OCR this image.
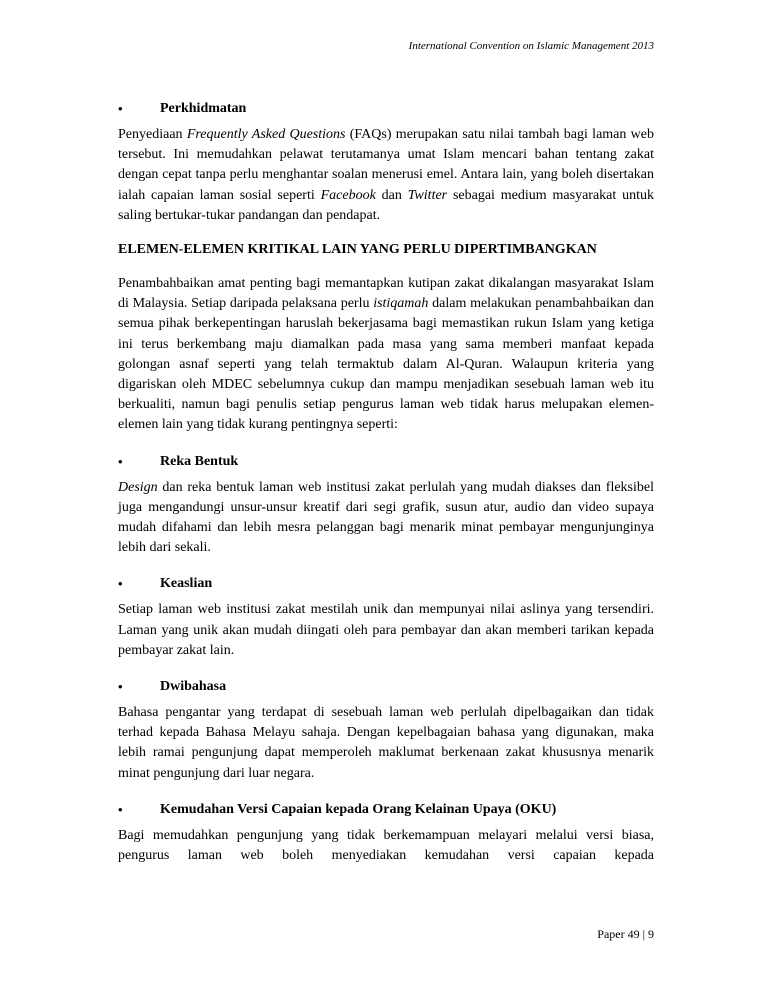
International Convention on Islamic Management 2013
•	Perkhidmatan

Penyediaan Frequently Asked Questions (FAQs) merupakan satu nilai tambah bagi laman web tersebut. Ini memudahkan pelawat terutamanya umat Islam mencari bahan tentang zakat dengan cepat tanpa perlu menghantar soalan menerusi emel. Antara lain, yang boleh disertakan ialah capaian laman sosial seperti Facebook dan Twitter sebagai medium masyarakat untuk saling bertukar-tukar pandangan dan pendapat.

ELEMEN-ELEMEN KRITIKAL LAIN YANG PERLU DIPERTIMBANGKAN

Penambahbaikan amat penting bagi memantapkan kutipan zakat dikalangan masyarakat Islam di Malaysia. Setiap daripada pelaksana perlu istiqamah dalam melakukan penambahbaikan dan semua pihak berkepentingan haruslah bekerjasama bagi memastikan rukun Islam yang ketiga ini terus berkembang maju diamalkan pada masa yang sama memberi manfaat kepada golongan asnaf seperti yang telah termaktub dalam Al-Quran. Walaupun kriteria yang digariskan oleh MDEC sebelumnya cukup dan mampu menjadikan sesebuah laman web itu berkualiti, namun bagi penulis setiap pengurus laman web tidak harus melupakan elemen-elemen lain yang tidak kurang pentingnya seperti:

•	Reka Bentuk

Design dan reka bentuk laman web institusi zakat perlulah yang mudah diakses dan fleksibel juga mengandungi unsur-unsur kreatif dari segi grafik, susun atur, audio dan video supaya mudah difahami dan lebih mesra pelanggan bagi menarik minat pembayar mengunjunginya lebih dari sekali.

•	Keaslian

Setiap laman web institusi zakat mestilah unik dan mempunyai nilai aslinya yang tersendiri. Laman yang unik akan mudah diingati oleh para pembayar dan akan memberi tarikan kepada pembayar zakat lain.

•	Dwibahasa

Bahasa pengantar yang terdapat di sesebuah laman web perlulah dipelbagaikan dan tidak terhad kepada Bahasa Melayu sahaja. Dengan kepelbagaian bahasa yang digunakan, maka lebih ramai pengunjung dapat memperoleh maklumat berkenaan zakat khususnya menarik minat pengunjung dari luar negara.

•	Kemudahan Versi Capaian kepada Orang Kelainan Upaya (OKU)

Bagi memudahkan pengunjung yang tidak berkemampuan melayari melalui versi biasa, pengurus laman web boleh menyediakan kemudahan versi capaian kepada

Paper 49 | 9
